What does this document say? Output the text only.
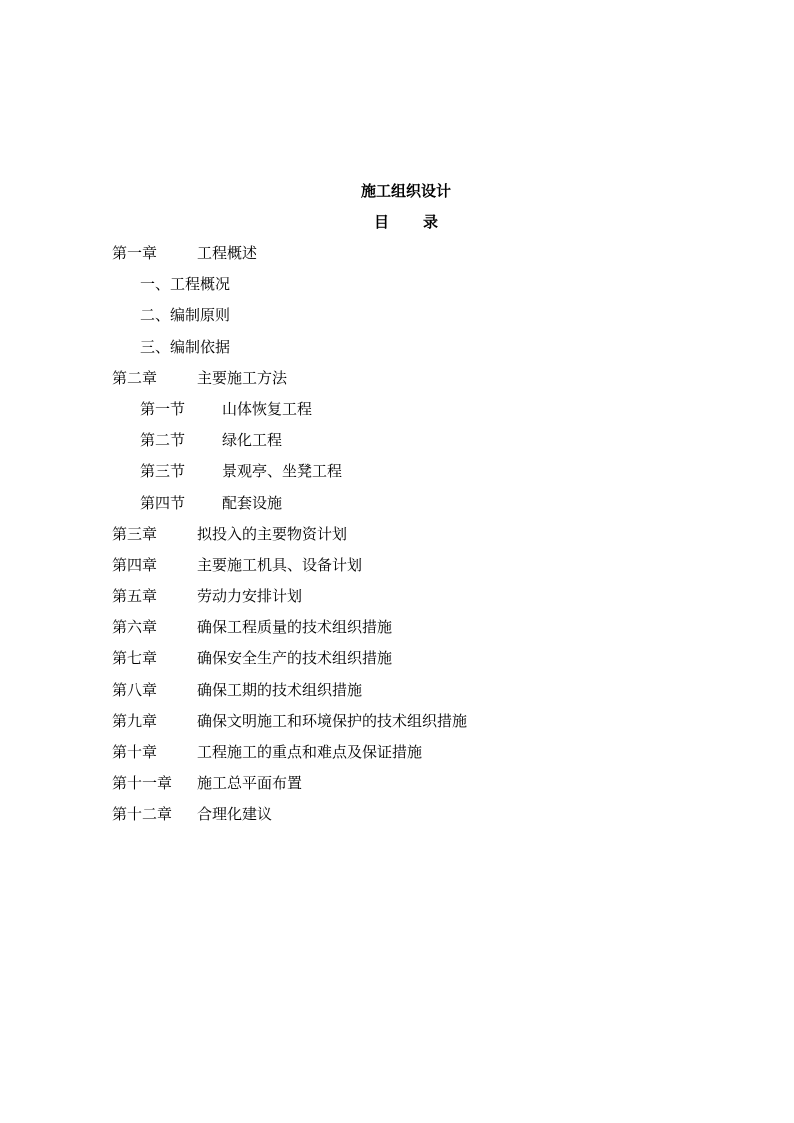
施工组织设计
目 录
第一章	工程概述
一、工程概况
二、编制原则
三、编制依据
第二章	主要施工方法
第一节 山体恢复工程
第二节 绿化工程
第三节 景观亭、坐凳工程
第四节 配套设施
第三章	拟投入的主要物资计划
第四章	主要施工机具、设备计划
第五章	劳动力安排计划
第六章	确保工程质量的技术组织措施
第七章	确保安全生产的技术组织措施
第八章	确保工期的技术组织措施
第九章	确保文明施工和环境保护的技术组织措施
第十章	工程施工的重点和难点及保证措施
第十一章 施工总平面布置
第十二章 合理化建议
